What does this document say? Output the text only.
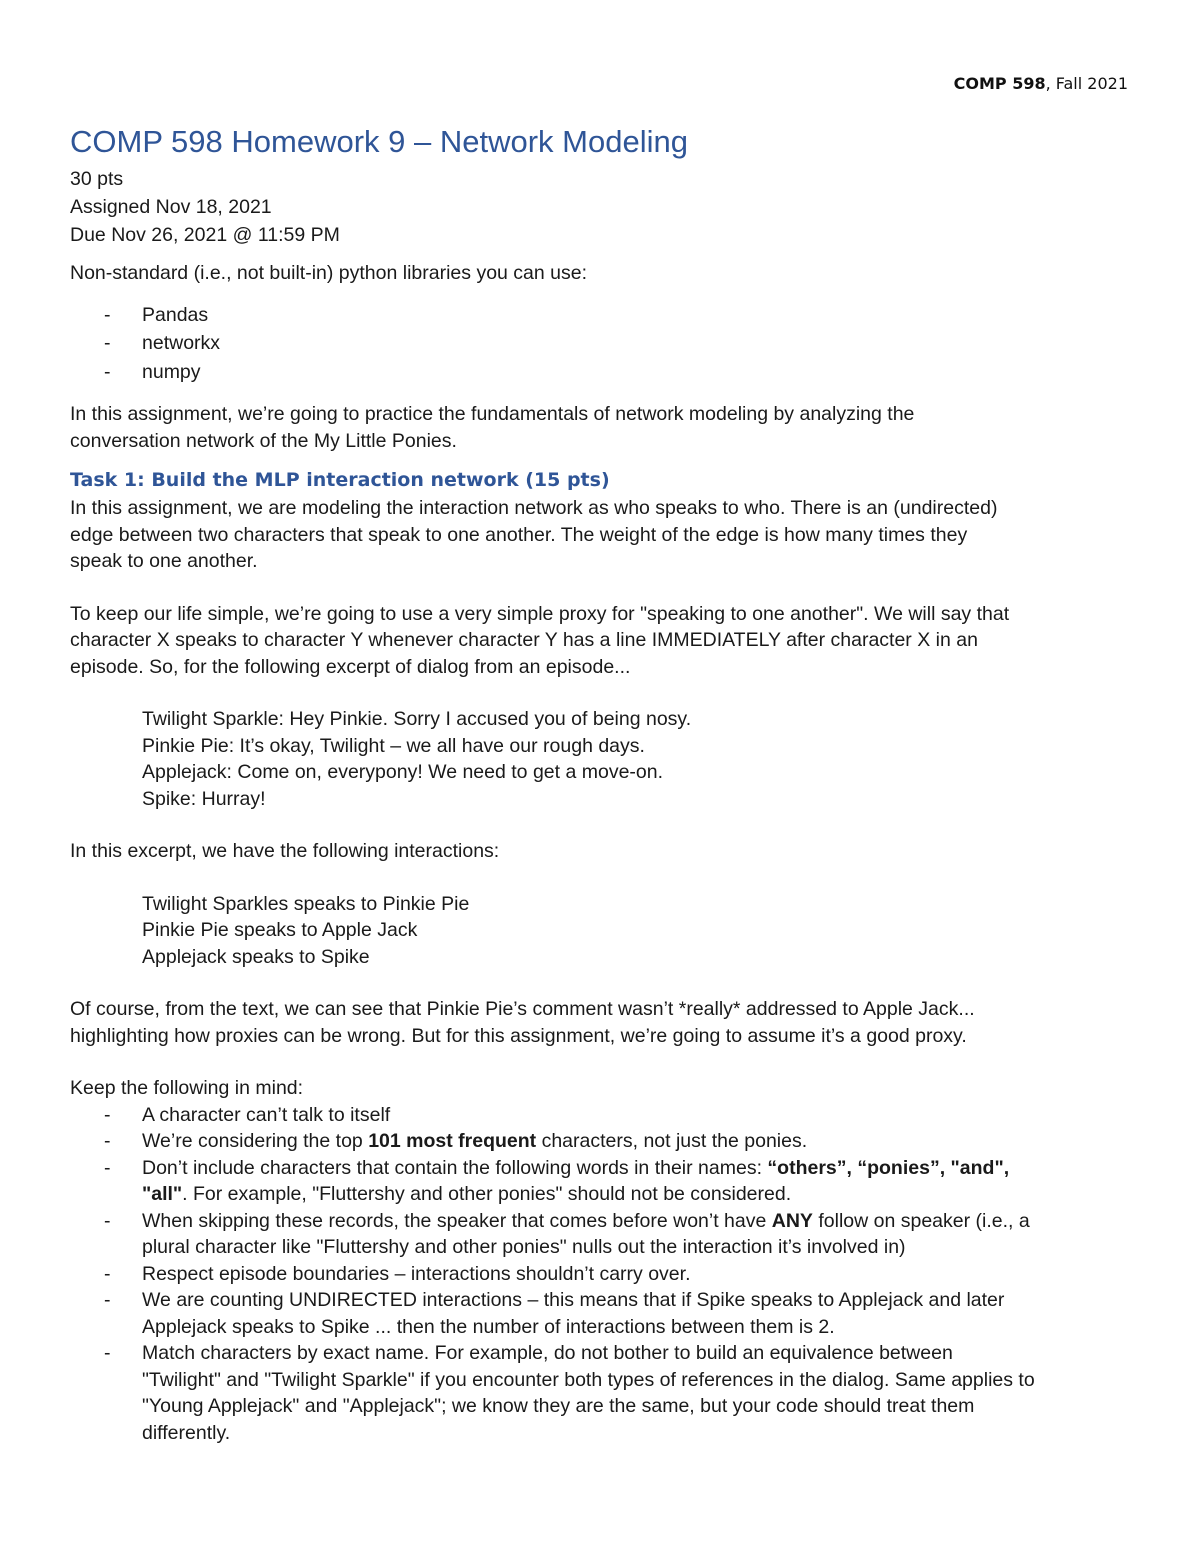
COMP 598, Fall 2021
COMP 598 Homework 9 – Network Modeling
30 pts
Assigned Nov 18, 2021
Due Nov 26, 2021 @ 11:59 PM

Non-standard (i.e., not built-in) python libraries you can use:

- Pandas
- networkx
- numpy

In this assignment, we’re going to practice the fundamentals of network modeling by analyzing the
conversation network of the My Little Ponies.

Task 1: Build the MLP interaction network (15 pts)

In this assignment, we are modeling the interaction network as who speaks to who. There is an (undirected)
edge between two characters that speak to one another. The weight of the edge is how many times they
speak to one another.

To keep our life simple, we’re going to use a very simple proxy for "speaking to one another". We will say that
character X speaks to character Y whenever character Y has a line IMMEDIATELY after character X in an
episode. So, for the following excerpt of dialog from an episode...

Twilight Sparkle: Hey Pinkie. Sorry I accused you of being nosy.
Pinkie Pie: It’s okay, Twilight – we all have our rough days.
Applejack: Come on, everypony! We need to get a move-on.
Spike: Hurray!

In this excerpt, we have the following interactions:

Twilight Sparkles speaks to Pinkie Pie
Pinkie Pie speaks to Apple Jack
Applejack speaks to Spike

Of course, from the text, we can see that Pinkie Pie’s comment wasn’t *really* addressed to Apple Jack...
highlighting how proxies can be wrong. But for this assignment, we’re going to assume it’s a good proxy.

Keep the following in mind:

- A character can’t talk to itself
- We’re considering the top 101 most frequent characters, not just the ponies.
- Don’t include characters that contain the following words in their names: “others”, “ponies”, "and",
"all". For example, "Fluttershy and other ponies" should not be considered.
- When skipping these records, the speaker that comes before won’t have ANY follow on speaker (i.e., a
plural character like "Fluttershy and other ponies" nulls out the interaction it’s involved in)
- Respect episode boundaries – interactions shouldn’t carry over.
- We are counting UNDIRECTED interactions – this means that if Spike speaks to Applejack and later
Applejack speaks to Spike ... then the number of interactions between them is 2.
- Match characters by exact name. For example, do not bother to build an equivalence between
"Twilight" and "Twilight Sparkle" if you encounter both types of references in the dialog. Same applies to
"Young Applejack" and "Applejack"; we know they are the same, but your code should treat them
differently.
